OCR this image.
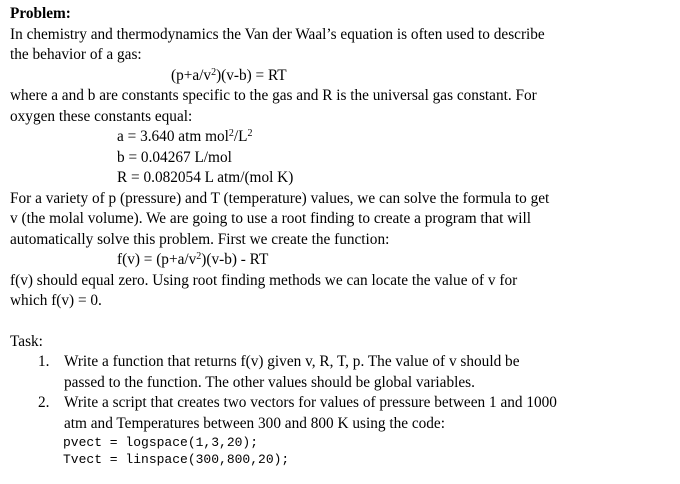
Problem:
In chemistry and thermodynamics the Van der Waal’s equation is often used to describe
the behavior of a gas:
$(p+a/v^2)(v-b)$ = RT
where a and b are constants specific to the gas and R is the universal gas constant. For
oxygen these constants equal:
a = 3.640 atm $mol^2/L^2$
b = 0.04267 L/mol
R = 0.082054 L atm/(mol K)
For a variety of p (pressure) and T (temperature) values, we can solve the formula to get
v (the molal volume). We are going to use a root finding to create a program that will
automatically solve this problem. First we create the function:
$f(v) = (p+a/v^2)(v-b)$ - RT
f(v) should equal zero. Using root finding methods we can locate the value of v for
which f(v) = 0.
Task:
1. Write a function that returns f(v) given v, R, T, p. The value of v should be
passed to the function. The other values should be global variables.
2. Write a script that creates two vectors for values of pressure between 1 and 1000
atm and Temperatures between 300 and 800 K using the code:
pvect = logspace(1,3,20);
Tvect = linspace(300,800,20);
